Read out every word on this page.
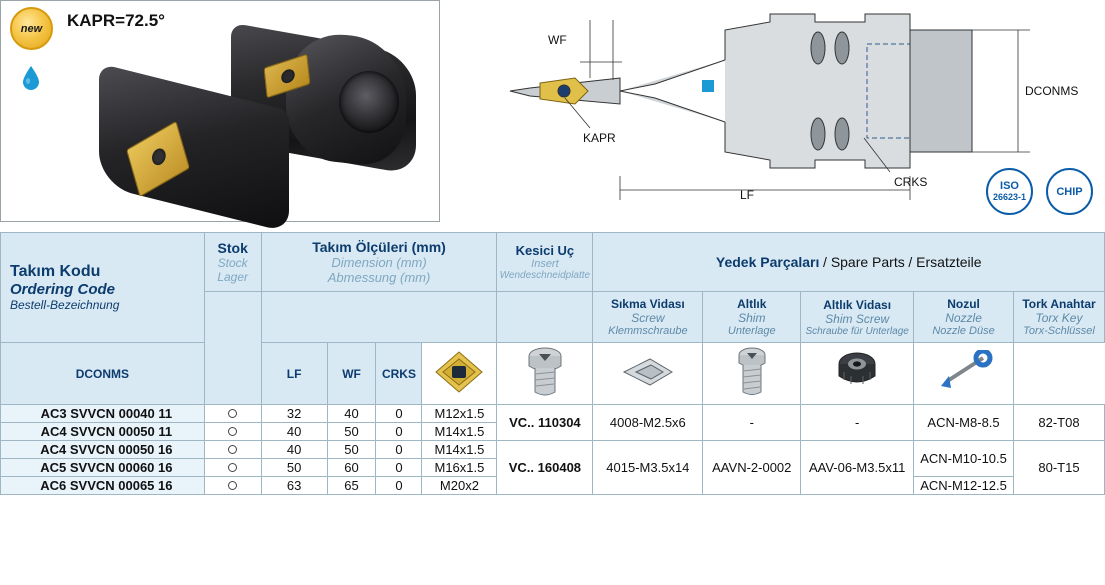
KAPR=72.5°
new
WF
KAPR
LF
CRKS
DCONMS
ISO
26623-1	CHIP
Takım Kodu
Ordering Code
Bestell-Bezeichnung

Stok
Stock
Lager

Takım Ölçüleri (mm)
Dimension (mm)
Abmessung (mm)

Kesici Uç
Insert
Wendeschneidplatte
	Yedek Parçaları / Spare Parts / Ersatzteile

Sıkma Vidası
Screw
Klemmschraube

Altlık
Shim
Unterlage

Altlık Vidası
Shim Screw
Schraube für Unterlage

Nozul
Nozzle
Nozzle Düse

Tork Anahtar
Torx Key
Torx-Schlüssel

DCONMS		LF	WF	CRKS						
AC3 SVVCN 00040 11		32	40	0	M12x1.5	VC.. 110304	4008-M2.5x6	-	-	ACN-M8-8.5	82-T08
AC4 SVVCN 00050 11		40	50	0	M14x1.5						
AC4 SVVCN 00050 16		40	50	0	M14x1.5	VC.. 160408	4015-M3.5x14	AAVN-2-0002	AAV-06-M3.5x11	ACN-M10-10.5	80-T15
AC5 SVVCN 00060 16		50	60	0	M16x1.5						
AC6 SVVCN 00065 16		63	65	0	M20x2					ACN-M12-12.5	
